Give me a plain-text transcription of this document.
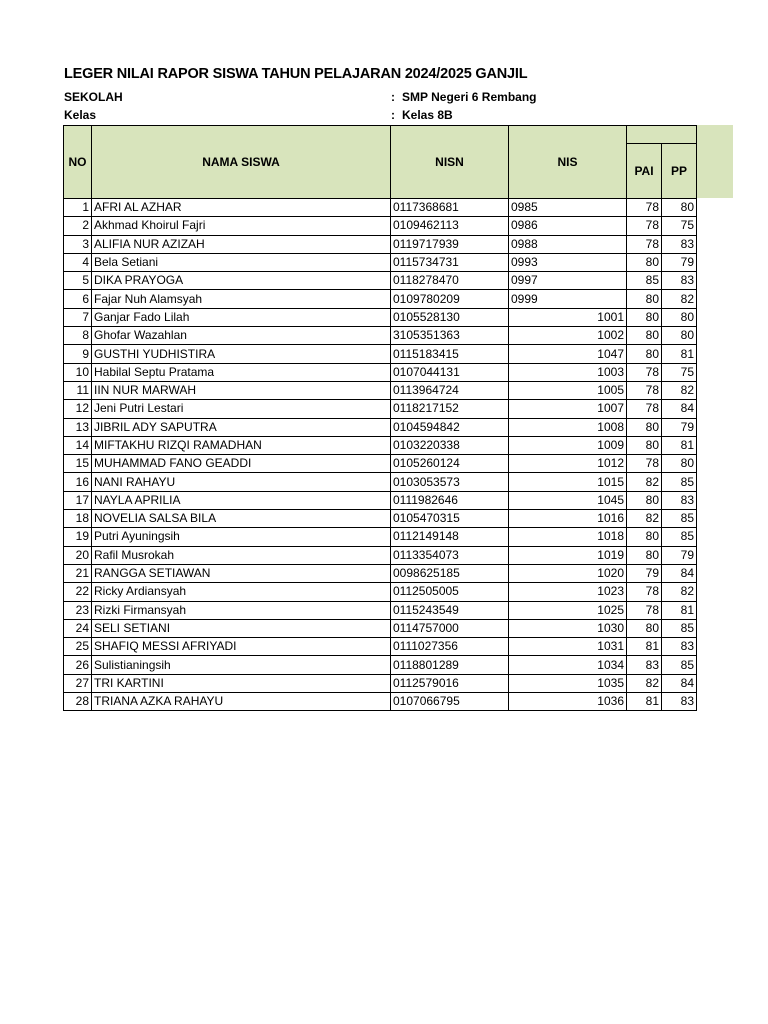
LEGER NILAI RAPOR SISWA TAHUN PELAJARAN 2024/2025 GANJIL
SEKOLAH	: SMP Negeri 6 Rembang
Kelas	: Kelas 8B
NO	NAMA SISWA	NISN	NIS		
				PAI	PP
1	AFRI AL AZHAR	0117368681	0985	78	80
2	Akhmad Khoirul Fajri	0109462113	0986	78	75
3	ALIFIA NUR AZIZAH	0119717939	0988	78	83
4	Bela Setiani	0115734731	0993	80	79
5	DIKA PRAYOGA	0118278470	0997	85	83
6	Fajar Nuh Alamsyah	0109780209	0999	80	82
7	Ganjar Fado Lilah	0105528130	1001	80	80
8	Ghofar Wazahlan	3105351363	1002	80	80
9	GUSTHI YUDHISTIRA	0115183415	1047	80	81
10	Habilal Septu Pratama	0107044131	1003	78	75
11	IIN NUR MARWAH	0113964724	1005	78	82
12	Jeni Putri Lestari	0118217152	1007	78	84
13	JIBRIL ADY SAPUTRA	0104594842	1008	80	79
14	MIFTAKHU RIZQI RAMADHAN	0103220338	1009	80	81
15	MUHAMMAD FANO GEADDI	0105260124	1012	78	80
16	NANI RAHAYU	0103053573	1015	82	85
17	NAYLA APRILIA	0111982646	1045	80	83
18	NOVELIA SALSA BILA	0105470315	1016	82	85
19	Putri Ayuningsih	0112149148	1018	80	85
20	Rafil Musrokah	0113354073	1019	80	79
21	RANGGA SETIAWAN	0098625185	1020	79	84
22	Ricky Ardiansyah	0112505005	1023	78	82
23	Rizki Firmansyah	0115243549	1025	78	81
24	SELI SETIANI	0114757000	1030	80	85
25	SHAFIQ MESSI AFRIYADI	0111027356	1031	81	83
26	Sulistianingsih	0118801289	1034	83	85
27	TRI KARTINI	0112579016	1035	82	84
28	TRIANA AZKA RAHAYU	0107066795	1036	81	83
